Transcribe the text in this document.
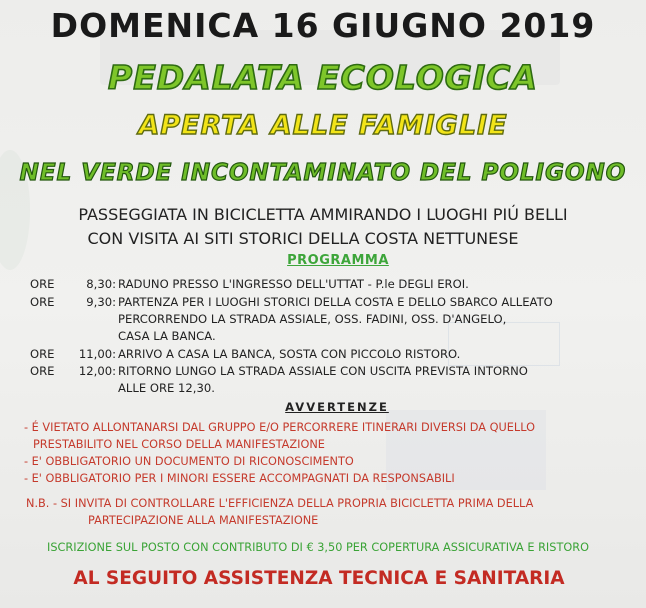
DOMENICA 16 GIUGNO 2019
PEDALATA ECOLOGICA
APERTA ALLE FAMIGLIE
NEL VERDE INCONTAMINATO DEL POLIGONO
PASSEGGIATA IN BICICLETTA AMMIRANDO I LUOGHI PIÚ BELLI
CON VISITA AI SITI STORICI DELLA COSTA NETTUNESE
PROGRAMMA
ORE	8,30: RADUNO PRESSO L'INGRESSO DELL'UTTAT - P.le DEGLI EROI.
ORE	9,30: PARTENZA PER I LUOGHI STORICI DELLA COSTA E DELLO SBARCO ALLEATO
PERCORRENDO LA STRADA ASSIALE, OSS. FADINI, OSS. D'ANGELO,
CASA LA BANCA.
ORE	11,00: ARRIVO A CASA LA BANCA, SOSTA CON PICCOLO RISTORO.
ORE	12,00: RITORNO LUNGO LA STRADA ASSIALE CON USCITA PREVISTA INTORNO
ALLE ORE 12,30.
AVVERTENZE
- É VIETATO ALLONTANARSI DAL GRUPPO E/O PERCORRERE ITINERARI DIVERSI DA QUELLO
PRESTABILITO NEL CORSO DELLA MANIFESTAZIONE
- E' OBBLIGATORIO UN DOCUMENTO DI RICONOSCIMENTO
- E' OBBLIGATORIO PER I MINORI ESSERE ACCOMPAGNATI DA RESPONSABILI
N.B. - SI INVITA DI CONTROLLARE L'EFFICIENZA DELLA PROPRIA BICICLETTA PRIMA DELLA
PARTECIPAZIONE ALLA MANIFESTAZIONE
ISCRIZIONE SUL POSTO CON CONTRIBUTO DI € 3,50 PER COPERTURA ASSICURATIVA E RISTORO
AL SEGUITO ASSISTENZA TECNICA E SANITARIA
